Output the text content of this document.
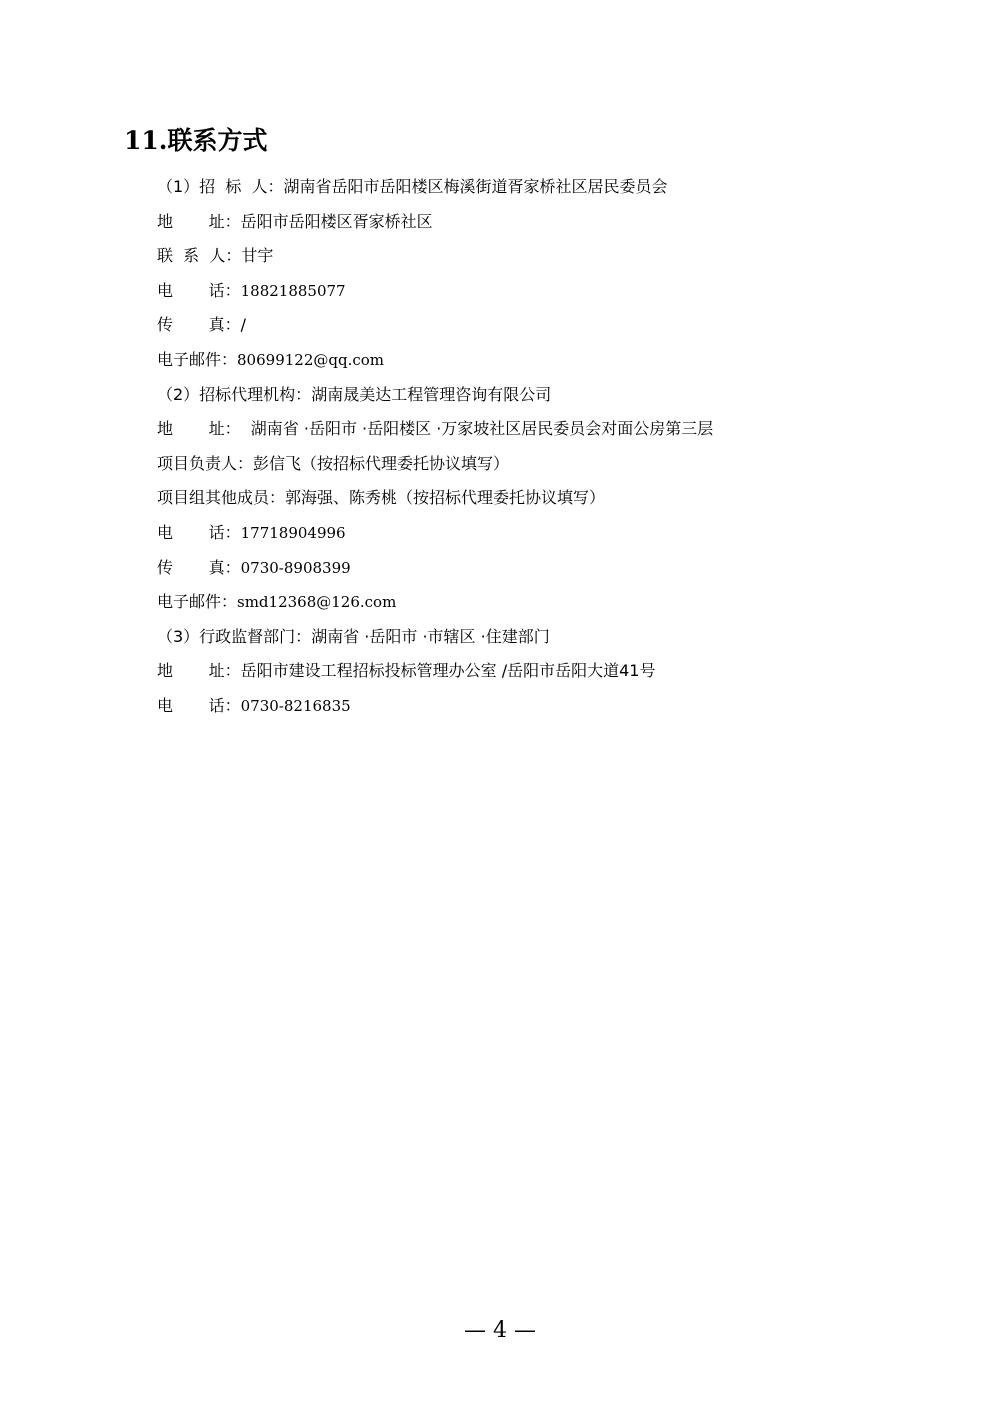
11.联系方式
（1）招  标  人：湖南省岳阳市岳阳楼区梅溪街道胥家桥社区居民委员会
地       址：岳阳市岳阳楼区胥家桥社区
联  系  人：甘宇
电       话：18821885077
传       真：/
电子邮件：80699122@qq.com
（2）招标代理机构：湖南晟美达工程管理咨询有限公司
地       址：  湖南省 ·岳阳市 ·岳阳楼区 ·万家坡社区居民委员会对面公房第三层
项目负责人：彭信飞（按招标代理委托协议填写）
项目组其他成员：郭海强、陈秀桃（按招标代理委托协议填写）
电       话：17718904996
传       真：0730-8908399
电子邮件：smd12368@126.com
（3）行政监督部门：湖南省 ·岳阳市 ·市辖区 ·住建部门
地       址：岳阳市建设工程招标投标管理办公室 /岳阳市岳阳大道41号
电       话：0730-8216835
— 4 —
